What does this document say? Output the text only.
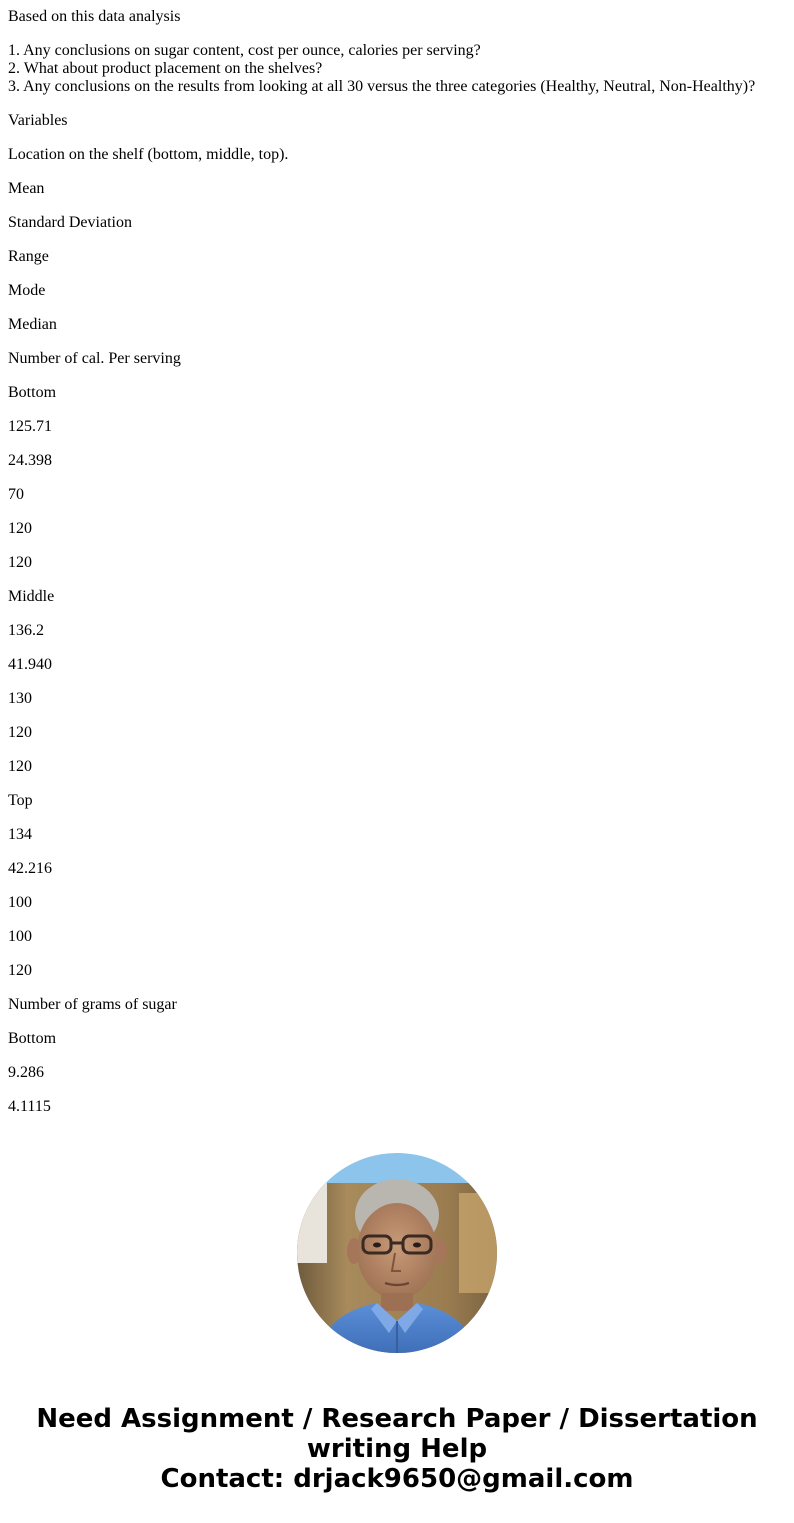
Based on this data analysis

1. Any conclusions on sugar content, cost per ounce, calories per serving?
2. What about product placement on the shelves?
3. Any conclusions on the results from looking at all 30 versus the three categories (Healthy, Neutral, Non-Healthy)?

Variables

Location on the shelf (bottom, middle, top).

Mean

Standard Deviation

Range

Mode

Median

Number of cal. Per serving

Bottom

125.71

24.398

70

120

120

Middle

136.2

41.940

130

120

120

Top

134

42.216

100

100

120

Number of grams of sugar

Bottom

9.286

4.1115

Need Assignment / Research Paper / Dissertation
writing Help
Contact: drjack9650@gmail.com
